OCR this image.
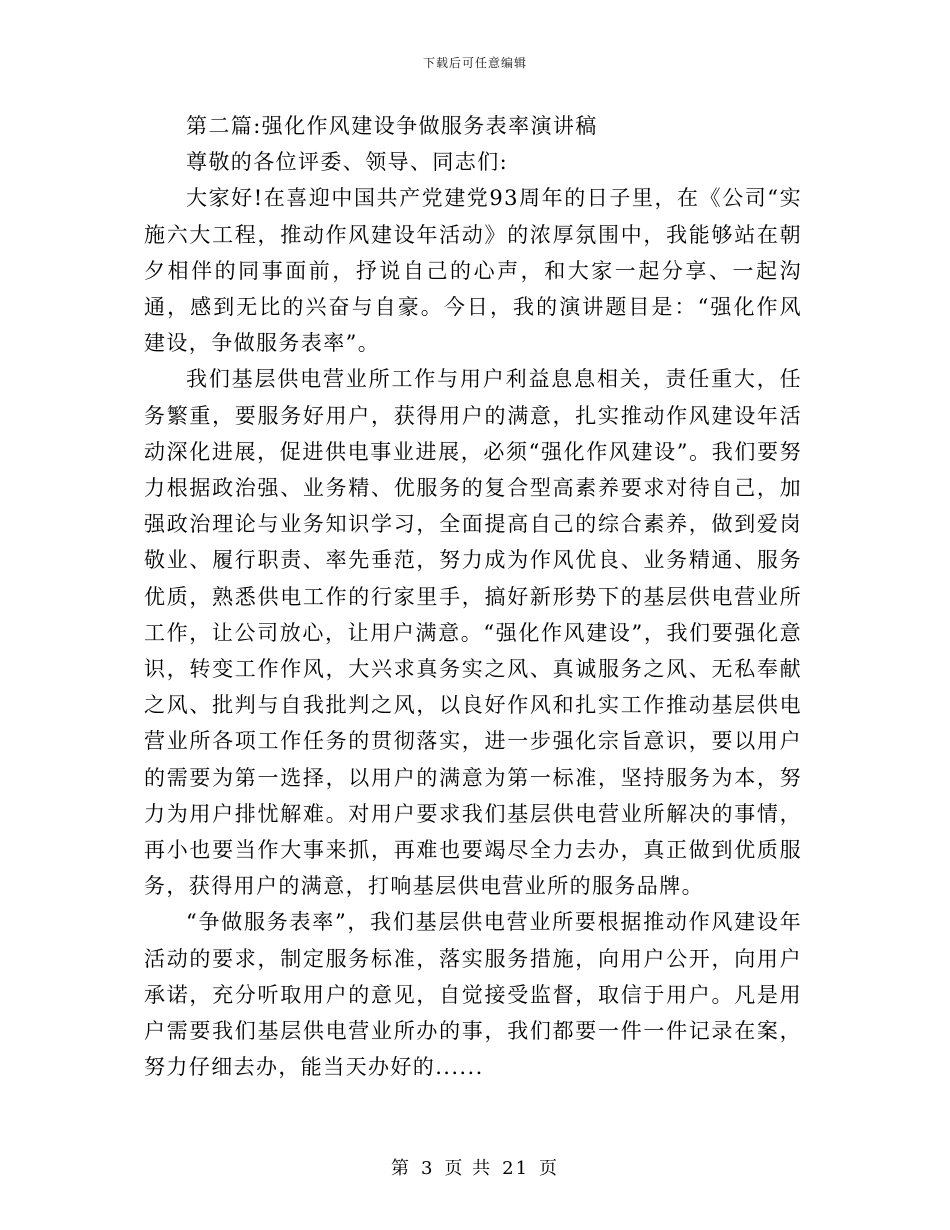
下载后可任意编辑

第二篇:强化作风建设争做服务表率演讲稿

尊敬的各位评委、领导、同志们:

大家好!在喜迎中国共产党建党93周年的日子里，在《公司“实施六大工程，推动作风建设年活动》的浓厚氛围中，我能够站在朝夕相伴的同事面前，抒说自己的心声，和大家一起分享、一起沟通，感到无比的兴奋与自豪。今日，我的演讲题目是：“强化作风建设，争做服务表率”。

我们基层供电营业所工作与用户利益息息相关，责任重大，任务繁重，要服务好用户，获得用户的满意，扎实推动作风建设年活动深化进展，促进供电事业进展，必须“强化作风建设”。我们要努力根据政治强、业务精、优服务的复合型高素养要求对待自己，加强政治理论与业务知识学习，全面提高自己的综合素养，做到爱岗敬业、履行职责、率先垂范，努力成为作风优良、业务精通、服务优质，熟悉供电工作的行家里手，搞好新形势下的基层供电营业所工作，让公司放心，让用户满意。“强化作风建设”，我们要强化意识，转变工作作风，大兴求真务实之风、真诚服务之风、无私奉献之风、批判与自我批判之风，以良好作风和扎实工作推动基层供电营业所各项工作任务的贯彻落实，进一步强化宗旨意识，要以用户的需要为第一选择，以用户的满意为第一标准，坚持服务为本，努力为用户排忧解难。对用户要求我们基层供电营业所解决的事情，再小也要当作大事来抓，再难也要竭尽全力去办，真正做到优质服务，获得用户的满意，打响基层供电营业所的服务品牌。

“争做服务表率”，我们基层供电营业所要根据推动作风建设年活动的要求，制定服务标准，落实服务措施，向用户公开，向用户承诺，充分听取用户的意见，自觉接受监督，取信于用户。凡是用户需要我们基层供电营业所办的事，我们都要一件一件记录在案，努力仔细去办，能当天办好的......

第 3 页 共 21 页
